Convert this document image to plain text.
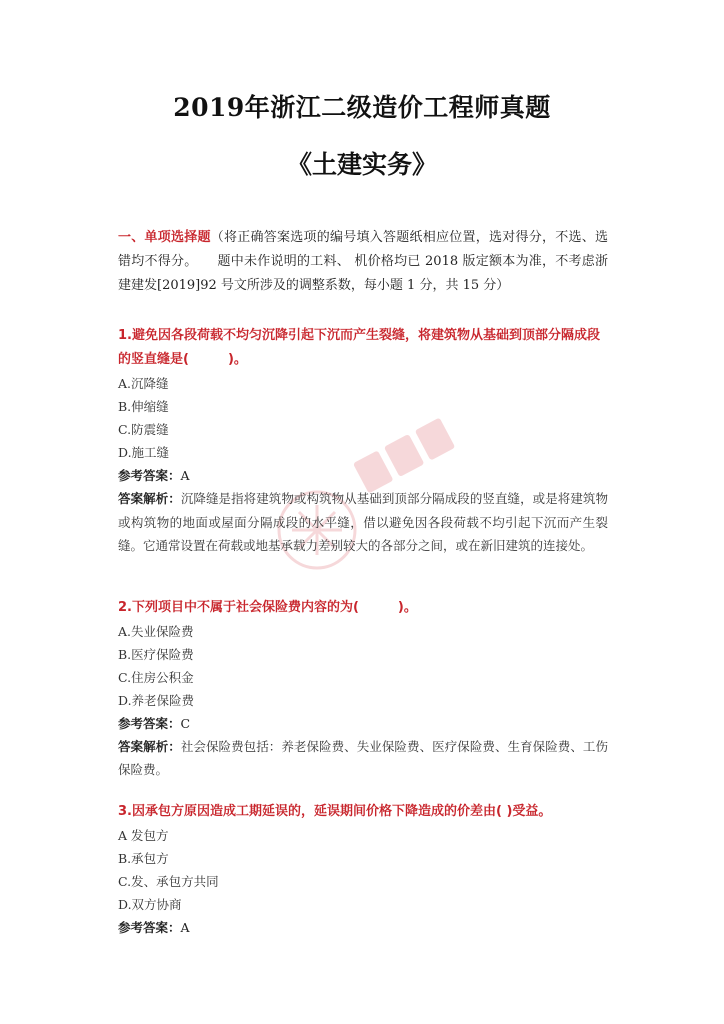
2019年浙江二级造价工程师真题
《土建实务》
一、单项选择题（将正确答案选项的编号填入答题纸相应位置，选对得分，不选、选错均不得分。　　题中未作说明的工料、 机价格均已 2018 版定额本为准，不考虑浙建建发[2019]92 号文所涉及的调整系数，每小题 1 分，共 15 分）
1.避免因各段荷载不均匀沉降引起下沉而产生裂缝，将建筑物从基础到顶部分隔成段的竖直缝是(　　　)。
A.沉降缝
B.伸缩缝
C.防震缝
D.施工缝
参考答案：A
答案解析：沉降缝是指将建筑物或构筑物从基础到顶部分隔成段的竖直缝，或是将建筑物或构筑物的地面或屋面分隔成段的水平缝，借以避免因各段荷载不均引起下沉而产生裂缝。它通常设置在荷载或地基承载力差别较大的各部分之间，或在新旧建筑的连接处。
2.下列项目中不属于社会保险费内容的为(　　　)。
A.失业保险费
B.医疗保险费
C.住房公积金
D.养老保险费
参考答案：C
答案解析：社会保险费包括：养老保险费、失业保险费、医疗保险费、生育保险费、工伤保险费。
3.因承包方原因造成工期延误的，延误期间价格下降造成的价差由( )受益。
A 发包方
B.承包方
C.发、承包方共同
D.双方协商
参考答案：A
